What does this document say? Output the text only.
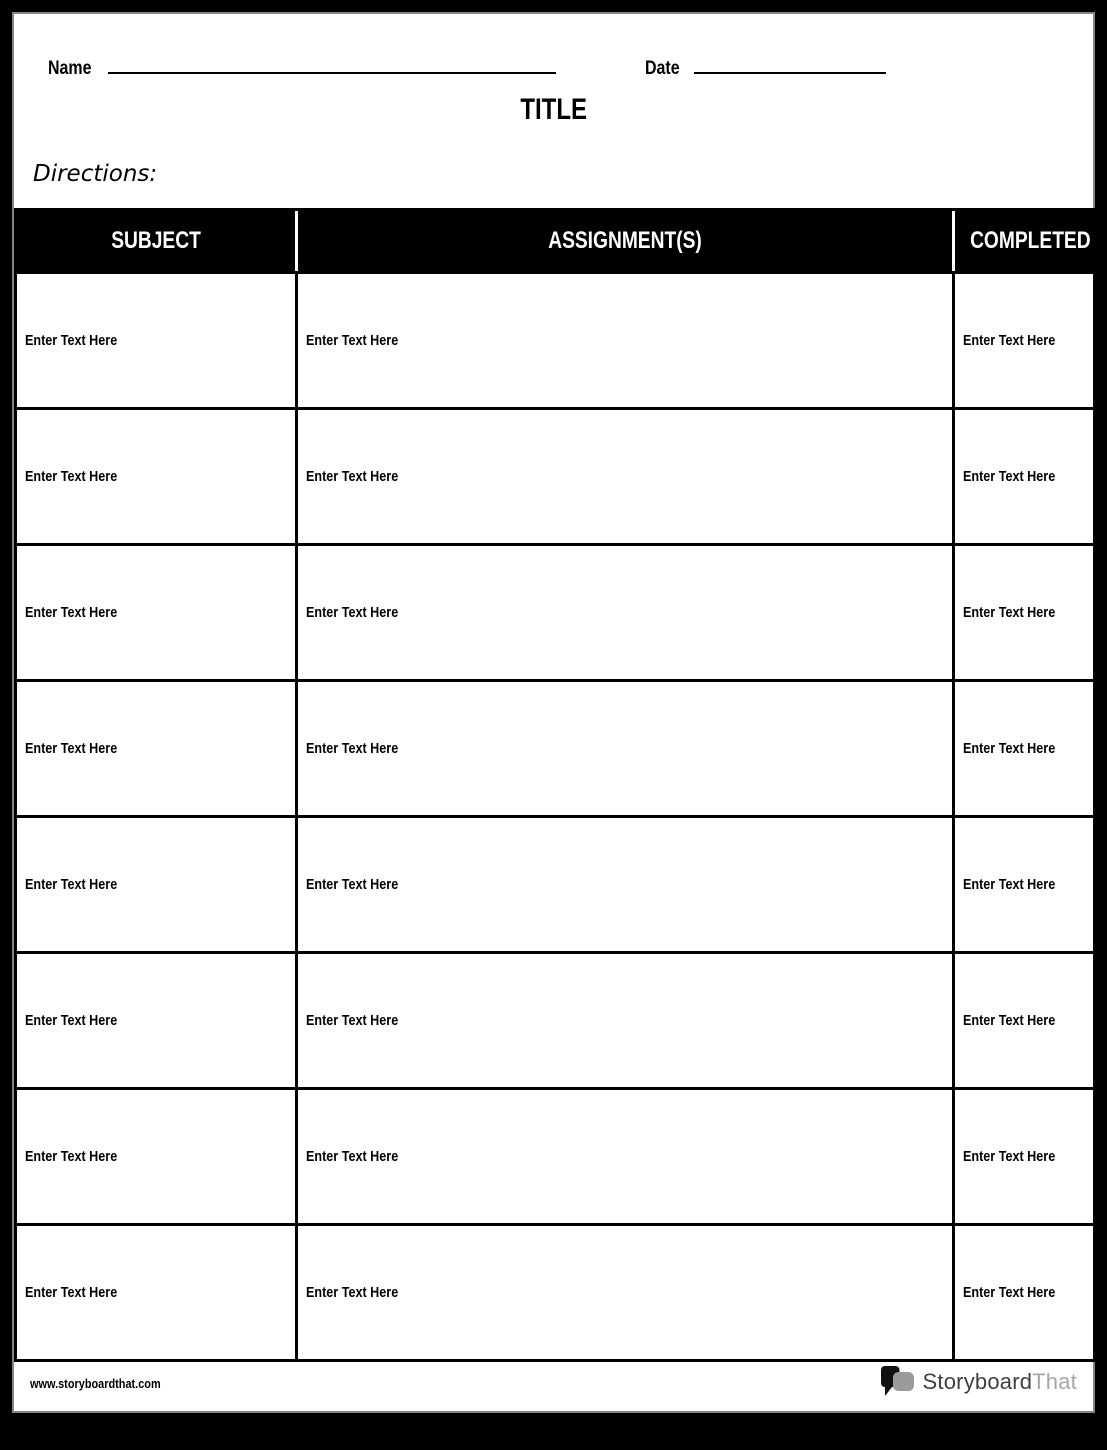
Name	Date
TITLE
Directions:
SUBJECT	ASSIGNMENT(S)	COMPLETED
Enter Text Here	Enter Text Here	Enter Text Here
Enter Text Here	Enter Text Here	Enter Text Here
Enter Text Here	Enter Text Here	Enter Text Here
Enter Text Here	Enter Text Here	Enter Text Here
Enter Text Here	Enter Text Here	Enter Text Here
Enter Text Here	Enter Text Here	Enter Text Here
Enter Text Here	Enter Text Here	Enter Text Here
Enter Text Here	Enter Text Here	Enter Text Here
www.storyboardthat.com	StoryboardThat
